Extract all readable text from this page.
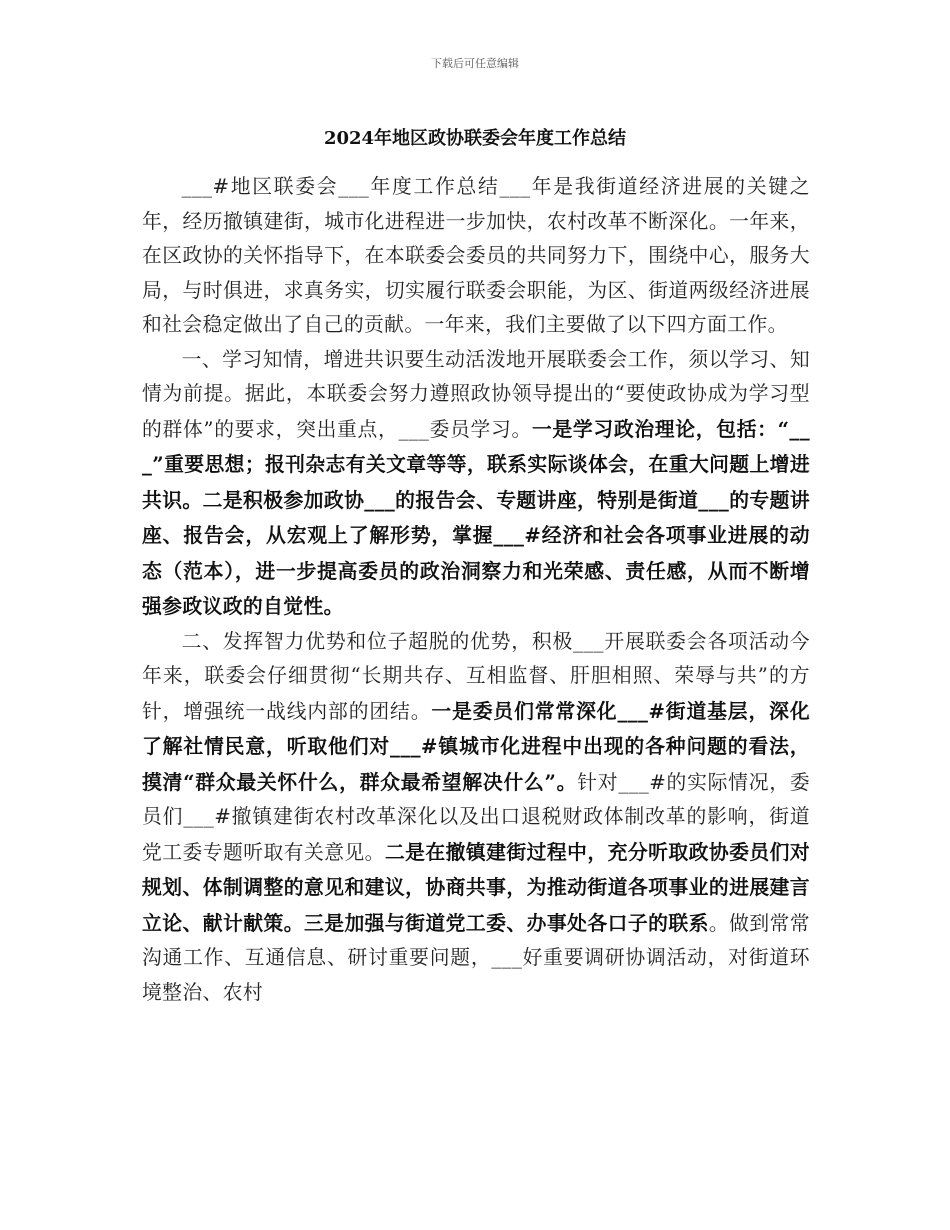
下载后可任意编辑
2024年地区政协联委会年度工作总结

___#地区联委会___年度工作总结___年是我街道经济进展的关键之年，经历撤镇建街，城市化进程进一步加快，农村改革不断深化。一年来，在区政协的关怀指导下，在本联委会委员的共同努力下，围绕中心，服务大局，与时俱进，求真务实，切实履行联委会职能，为区、街道两级经济进展和社会稳定做出了自己的贡献。一年来，我们主要做了以下四方面工作。

一、学习知情，增进共识要生动活泼地开展联委会工作，须以学习、知情为前提。据此，本联委会努力遵照政协领导提出的“要使政协成为学习型的群体”的要求，突出重点，___委员学习。一是学习政治理论，包括：“___”重要思想；报刊杂志有关文章等等，联系实际谈体会，在重大问题上增进共识。二是积极参加政协___的报告会、专题讲座，特别是街道___的专题讲座、报告会，从宏观上了解形势，掌握___#经济和社会各项事业进展的动态（范本），进一步提高委员的政治洞察力和光荣感、责任感，从而不断增强参政议政的自觉性。

二、发挥智力优势和位子超脱的优势，积极___开展联委会各项活动今年来，联委会仔细贯彻“长期共存、互相监督、肝胆相照、荣辱与共”的方针，增强统一战线内部的团结。一是委员们常常深化___#街道基层，深化了解社情民意，听取他们对___#镇城市化进程中出现的各种问题的看法，摸清“群众最关怀什么，群众最希望解决什么”。针对___#的实际情况，委员们___#撤镇建街农村改革深化以及出口退税财政体制改革的影响，街道党工委专题听取有关意见。二是在撤镇建街过程中，充分听取政协委员们对规划、体制调整的意见和建议，协商共事，为推动街道各项事业的进展建言立论、献计献策。三是加强与街道党工委、办事处各口子的联系。做到常常沟通工作、互通信息、研讨重要问题，___好重要调研协调活动，对街道环境整治、农村
